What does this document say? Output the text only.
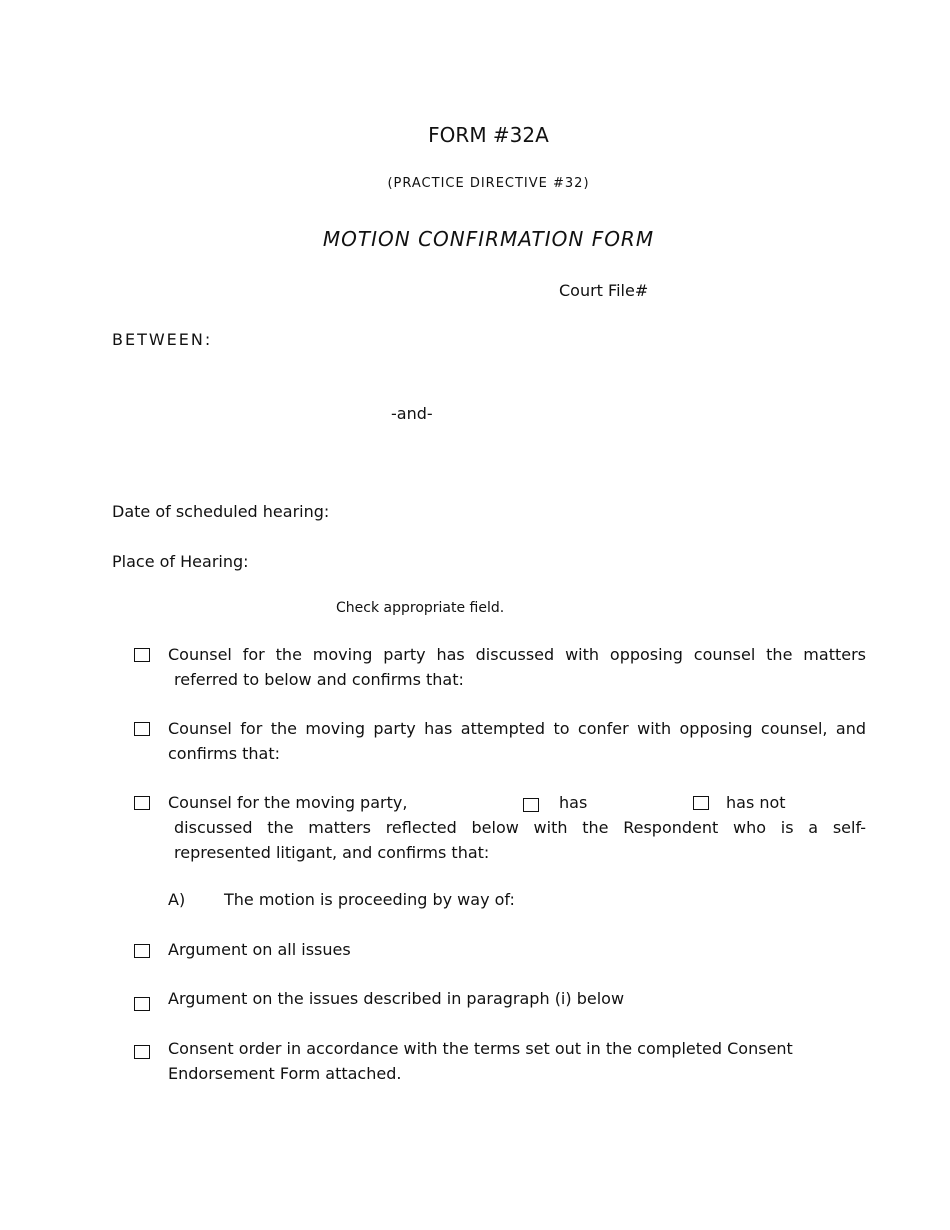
FORM #32A
(PRACTICE DIRECTIVE #32)
MOTION CONFIRMATION FORM
Court File#
BETWEEN:
-and-
Date of scheduled hearing:
Place of Hearing:
Check appropriate field.
Counsel for the moving party has discussed with opposing counsel the matters
referred to below and confirms that:
Counsel for the moving party has attempted to confer with opposing counsel, and
confirms that:
Counsel for the moving party,	has	has not
discussed the matters reflected below with the Respondent who is a self-
represented litigant, and confirms that:
A) The motion is proceeding by way of:
Argument on all issues
Argument on the issues described in paragraph (i) below
Consent order in accordance with the terms set out in the completed Consent
Endorsement Form attached.
